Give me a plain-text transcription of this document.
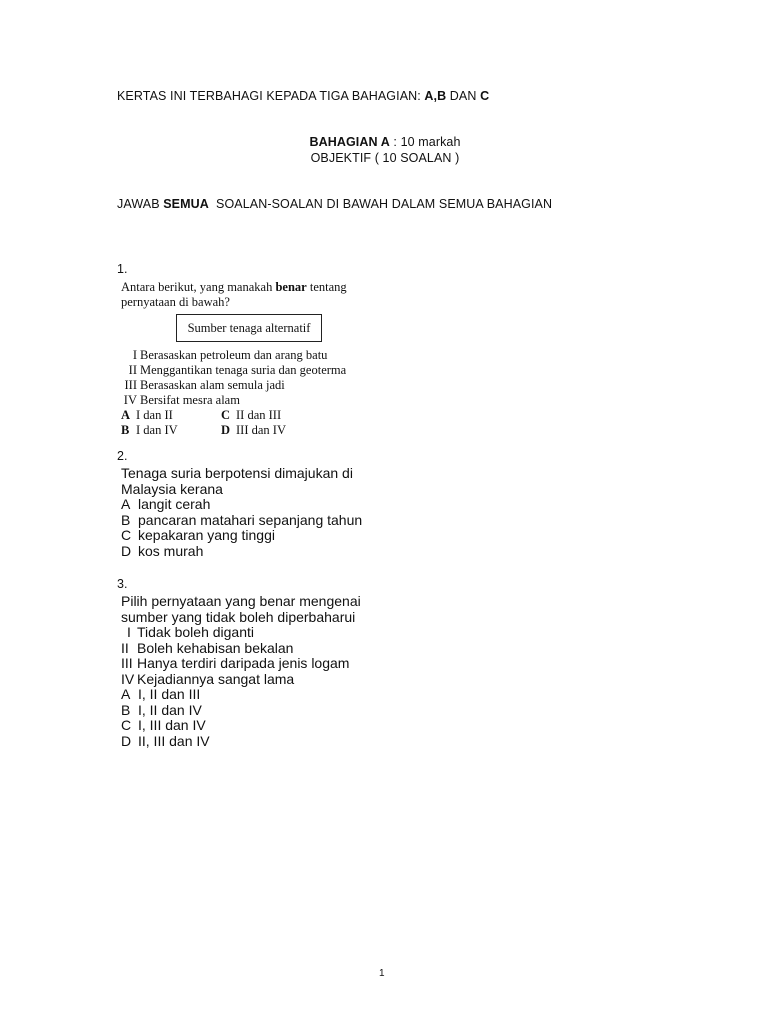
KERTAS INI TERBAHAGI KEPADA TIGA BAHAGIAN: A,B DAN C
BAHAGIAN A : 10 markah
OBJEKTIF ( 10 SOALAN )
JAWAB SEMUA  SOALAN-SOALAN DI BAWAH DALAM SEMUA BAHAGIAN
1.
Antara berikut, yang manakah benar tentang pernyataan di bawah?
Sumber tenaga alternatif
I Berasaskan petroleum dan arang batu
II Menggantikan tenaga suria dan geoterma
III Berasaskan alam semula jadi
IV Bersifat mesra alam
A I dan II
B I dan IV
C II dan III
D III dan IV
2.
Tenaga suria berpotensi dimajukan di
Malaysia kerana
A langit cerah
B pancaran matahari sepanjang tahun
C kepakaran yang tinggi
D kos murah
3.
Pilih pernyataan yang benar mengenai
sumber yang tidak boleh diperbaharui
I Tidak boleh diganti
II Boleh kehabisan bekalan
III Hanya terdiri daripada jenis logam
IV Kejadiannya sangat lama
A I, II dan III
B I, II dan IV
C I, III dan IV
D II, III dan IV
1
